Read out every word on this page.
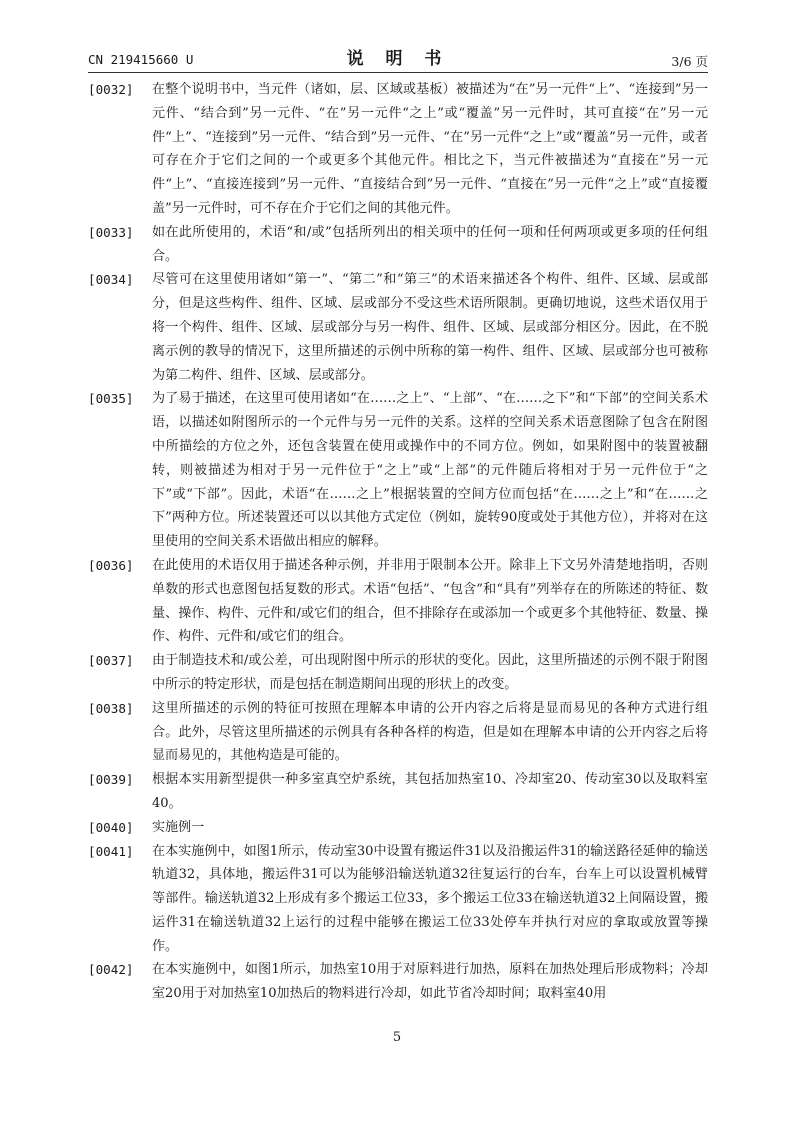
CN 219415660 U	说 明 书	3/6 页
[0032]	在整个说明书中，当元件（诸如，层、区域或基板）被描述为“在”另一元件“上”、“连接到”另一元件、“结合到”另一元件、“在”另一元件“之上”或“覆盖”另一元件时，其可直接“在”另一元件“上”、“连接到”另一元件、“结合到”另一元件、“在”另一元件“之上”或“覆盖”另一元件，或者可存在介于它们之间的一个或更多个其他元件。相比之下，当元件被描述为“直接在”另一元件“上”、“直接连接到”另一元件、“直接结合到”另一元件、“直接在”另一元件“之上”或“直接覆盖”另一元件时，可不存在介于它们之间的其他元件。
[0033]	如在此所使用的，术语“和/或”包括所列出的相关项中的任何一项和任何两项或更多项的任何组合。
[0034]	尽管可在这里使用诸如“第一”、“第二”和“第三”的术语来描述各个构件、组件、区域、层或部分，但是这些构件、组件、区域、层或部分不受这些术语所限制。更确切地说，这些术语仅用于将一个构件、组件、区域、层或部分与另一构件、组件、区域、层或部分相区分。因此，在不脱离示例的教导的情况下，这里所描述的示例中所称的第一构件、组件、区域、层或部分也可被称为第二构件、组件、区域、层或部分。
[0035]	为了易于描述，在这里可使用诸如“在……之上”、“上部”、“在……之下”和“下部”的空间关系术语，以描述如附图所示的一个元件与另一元件的关系。这样的空间关系术语意图除了包含在附图中所描绘的方位之外，还包含装置在使用或操作中的不同方位。例如，如果附图中的装置被翻转，则被描述为相对于另一元件位于“之上”或“上部”的元件随后将相对于另一元件位于“之下”或“下部”。因此，术语“在……之上”根据装置的空间方位而包括“在……之上”和“在……之下”两种方位。所述装置还可以以其他方式定位（例如，旋转90度或处于其他方位），并将对在这里使用的空间关系术语做出相应的解释。
[0036]	在此使用的术语仅用于描述各种示例，并非用于限制本公开。除非上下文另外清楚地指明，否则单数的形式也意图包括复数的形式。术语“包括”、“包含”和“具有”列举存在的所陈述的特征、数量、操作、构件、元件和/或它们的组合，但不排除存在或添加一个或更多个其他特征、数量、操作、构件、元件和/或它们的组合。
[0037]	由于制造技术和/或公差，可出现附图中所示的形状的变化。因此，这里所描述的示例不限于附图中所示的特定形状，而是包括在制造期间出现的形状上的改变。
[0038]	这里所描述的示例的特征可按照在理解本申请的公开内容之后将是显而易见的各种方式进行组合。此外，尽管这里所描述的示例具有各种各样的构造，但是如在理解本申请的公开内容之后将显而易见的，其他构造是可能的。
[0039]	根据本实用新型提供一种多室真空炉系统，其包括加热室10、冷却室20、传动室30以及取料室40。
[0040]	实施例一
[0041]	在本实施例中，如图1所示，传动室30中设置有搬运件31以及沿搬运件31的输送路径延伸的输送轨道32，具体地，搬运件31可以为能够沿输送轨道32往复运行的台车，台车上可以设置机械臂等部件。输送轨道32上形成有多个搬运工位33，多个搬运工位33在输送轨道32上间隔设置，搬运件31在输送轨道32上运行的过程中能够在搬运工位33处停车并执行对应的拿取或放置等操作。
[0042]	在本实施例中，如图1所示，加热室10用于对原料进行加热，原料在加热处理后形成物料；冷却室20用于对加热室10加热后的物料进行冷却，如此节省冷却时间；取料室40用
5
